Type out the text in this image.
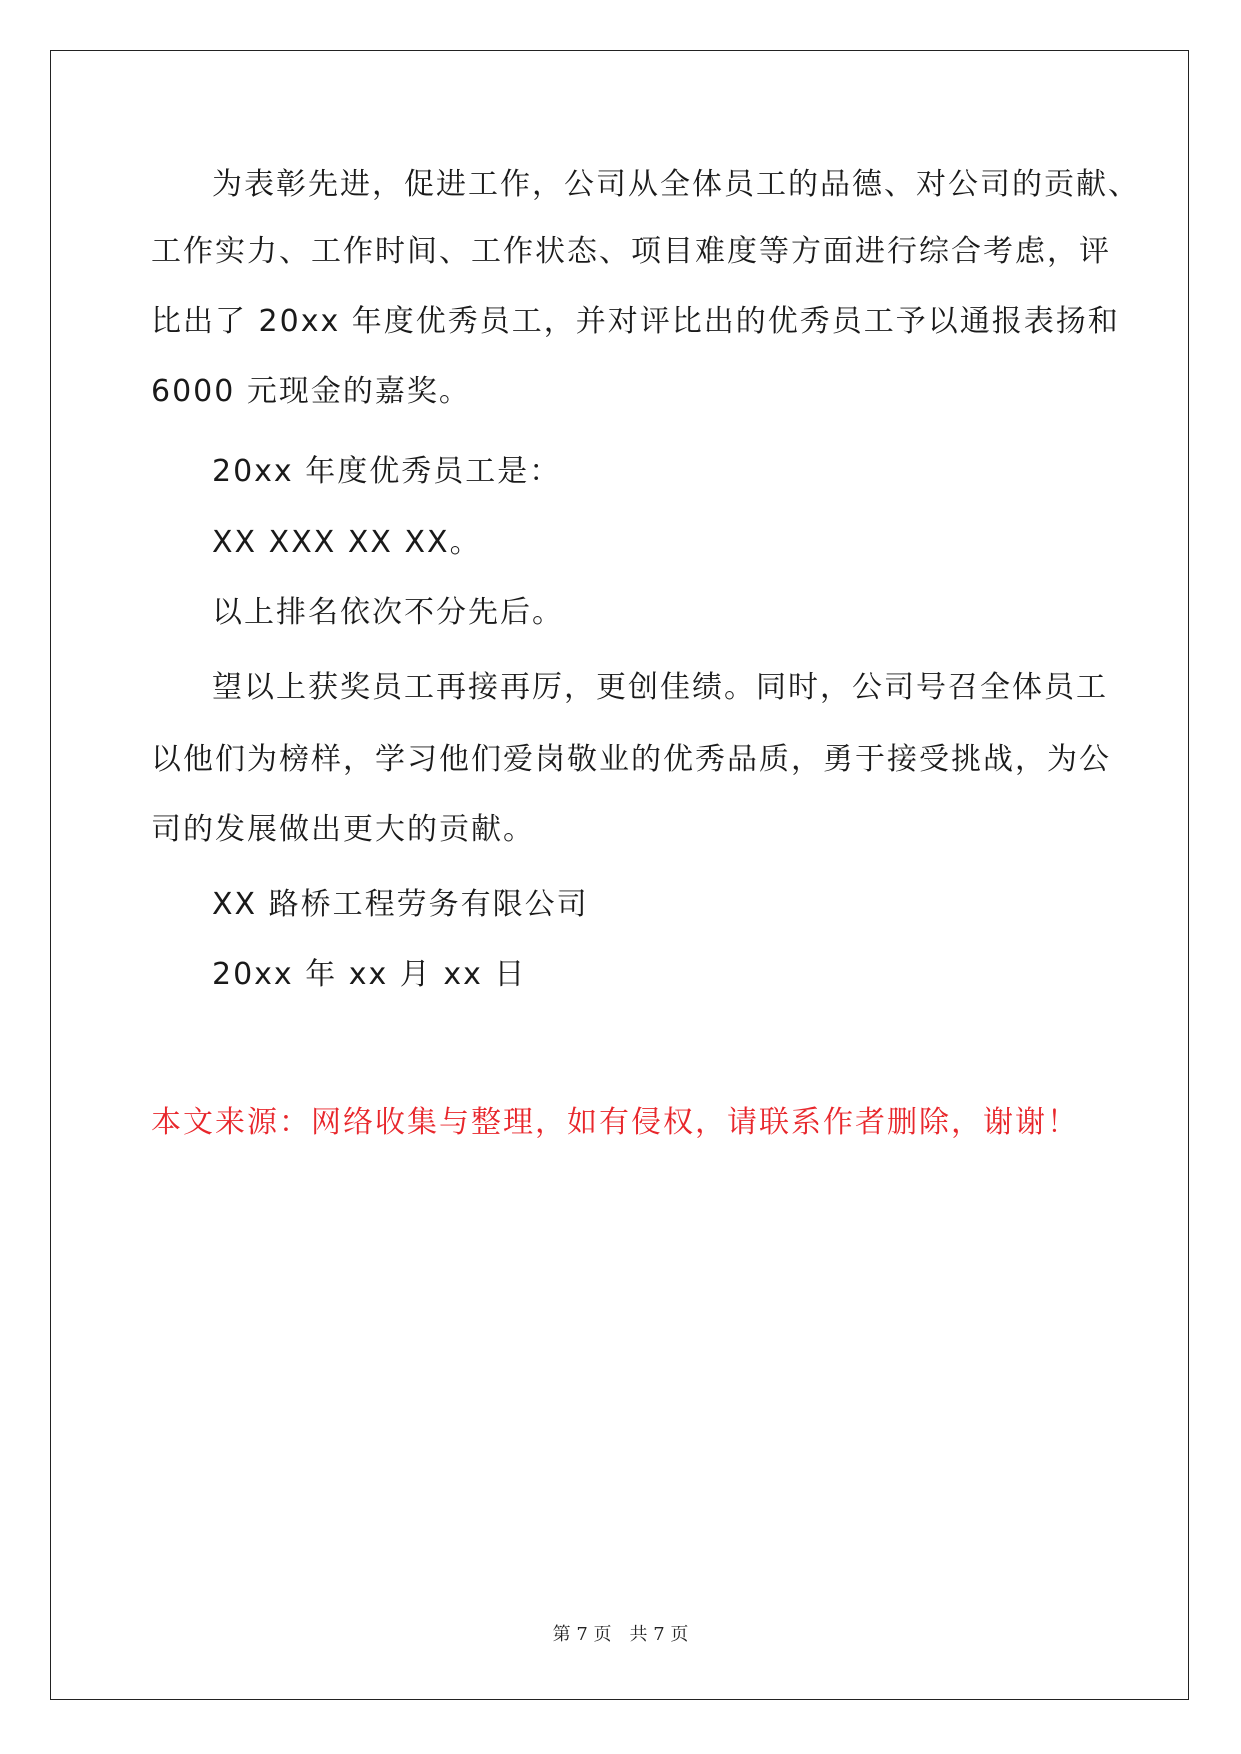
为表彰先进，促进工作，公司从全体员工的品德、对公司的贡献、
工作实力、工作时间、工作状态、项目难度等方面进行综合考虑，评
比出了 20xx 年度优秀员工，并对评比出的优秀员工予以通报表扬和
6000 元现金的嘉奖。
20xx 年度优秀员工是：
XX XXX XX XX。
以上排名依次不分先后。
望以上获奖员工再接再厉，更创佳绩。同时，公司号召全体员工
以他们为榜样，学习他们爱岗敬业的优秀品质，勇于接受挑战，为公
司的发展做出更大的贡献。
XX 路桥工程劳务有限公司
20xx 年 xx 月 xx 日
本文来源：网络收集与整理，如有侵权，请联系作者删除，谢谢！
第 7 页 共 7 页
